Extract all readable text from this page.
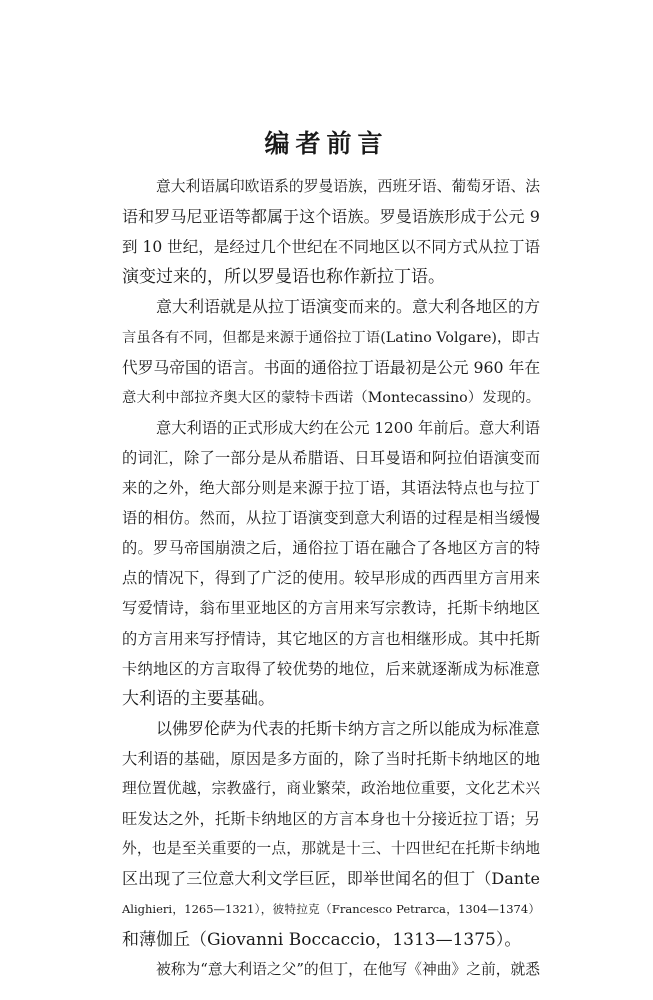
编者前言
意大利语属印欧语系的罗曼语族，西班牙语、葡萄牙语、法
语和罗马尼亚语等都属于这个语族。罗曼语族形成于公元 9
到 10 世纪，是经过几个世纪在不同地区以不同方式从拉丁语
演变过来的，所以罗曼语也称作新拉丁语。
意大利语就是从拉丁语演变而来的。意大利各地区的方
言虽各有不同，但都是来源于通俗拉丁语(Latino Volgare)，即古
代罗马帝国的语言。书面的通俗拉丁语最初是公元 960 年在
意大利中部拉齐奥大区的蒙特卡西诺（Montecassino）发现的。
意大利语的正式形成大约在公元 1200 年前后。意大利语
的词汇，除了一部分是从希腊语、日耳曼语和阿拉伯语演变而
来的之外，绝大部分则是来源于拉丁语，其语法特点也与拉丁
语的相仿。然而，从拉丁语演变到意大利语的过程是相当缓慢
的。罗马帝国崩溃之后，通俗拉丁语在融合了各地区方言的特
点的情况下，得到了广泛的使用。较早形成的西西里方言用来
写爱情诗，翁布里亚地区的方言用来写宗教诗，托斯卡纳地区
的方言用来写抒情诗，其它地区的方言也相继形成。其中托斯
卡纳地区的方言取得了较优势的地位，后来就逐渐成为标准意
大利语的主要基础。
以佛罗伦萨为代表的托斯卡纳方言之所以能成为标准意
大利语的基础，原因是多方面的，除了当时托斯卡纳地区的地
理位置优越，宗教盛行，商业繁荣，政治地位重要，文化艺术兴
旺发达之外，托斯卡纳地区的方言本身也十分接近拉丁语；另
外，也是至关重要的一点，那就是十三、十四世纪在托斯卡纳地
区出现了三位意大利文学巨匠，即举世闻名的但丁（Dante
Alighieri，1265—1321），彼特拉克（Francesco Petrarca，1304—1374）
和薄伽丘（Giovanni Boccaccio，1313—1375）。
被称为“意大利语之父”的但丁，在他写《神曲》之前，就悉
